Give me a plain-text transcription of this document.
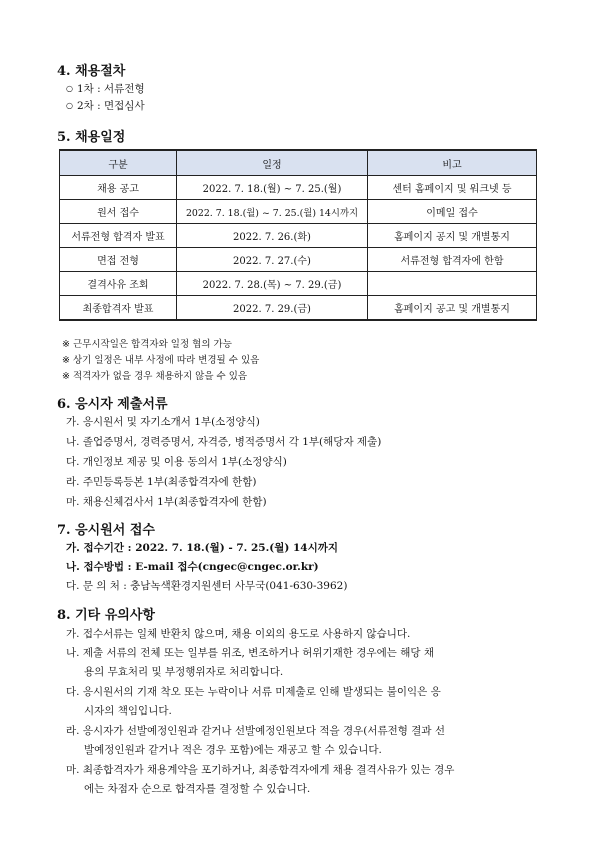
4. 채용절차
○ 1차 : 서류전형
○ 2차 : 면접심사
5. 채용일정
구분	일정	비고
채용 공고	2022. 7. 18.(월) ~ 7. 25.(월)	센터 홈페이지 및 워크넷 등
원서 접수	2022. 7. 18.(월) ~ 7. 25.(월) 14시까지	이메일 접수
서류전형 합격자 발표	2022. 7. 26.(화)	홈페이지 공지 및 개별통지
면접 전형	2022. 7. 27.(수)	서류전형 합격자에 한함
결격사유 조회	2022. 7. 28.(목) ~ 7. 29.(금)	
최종합격자 발표	2022. 7. 29.(금)	홈페이지 공고 및 개별통지
※ 근무시작일은 합격자와 일정 협의 가능
※ 상기 일정은 내부 사정에 따라 변경될 수 있음
※ 적격자가 없을 경우 채용하지 않을 수 있음
6. 응시자 제출서류
가. 응시원서 및 자기소개서 1부(소정양식)
나. 졸업증명서, 경력증명서, 자격증, 병적증명서 각 1부(해당자 제출)
다. 개인정보 제공 및 이용 동의서 1부(소정양식)
라. 주민등록등본 1부(최종합격자에 한함)
마. 채용신체검사서 1부(최종합격자에 한함)
7. 응시원서 접수
가. 접수기간 : 2022. 7. 18.(월) - 7. 25.(월) 14시까지
나. 접수방법 : E-mail 접수(cngec@cngec.or.kr)
다. 문 의 처 : 충남녹색환경지원센터 사무국(041-630-3962)
8. 기타 유의사항
가. 접수서류는 일체 반환치 않으며, 채용 이외의 용도로 사용하지 않습니다.
나. 제출 서류의 전체 또는 일부를 위조, 변조하거나 허위기재한 경우에는 해당 채
용의 무효처리 및 부정행위자로 처리합니다.
다. 응시원서의 기재 착오 또는 누락이나 서류 미제출로 인해 발생되는 불이익은 응
시자의 책임입니다.
라. 응시자가 선발예정인원과 같거나 선발예정인원보다 적을 경우(서류전형 결과 선
발예정인원과 같거나 적은 경우 포함)에는 재공고 할 수 있습니다.
마. 최종합격자가 채용계약을 포기하거나, 최종합격자에게 채용 결격사유가 있는 경우
에는 차점자 순으로 합격자를 결정할 수 있습니다.
